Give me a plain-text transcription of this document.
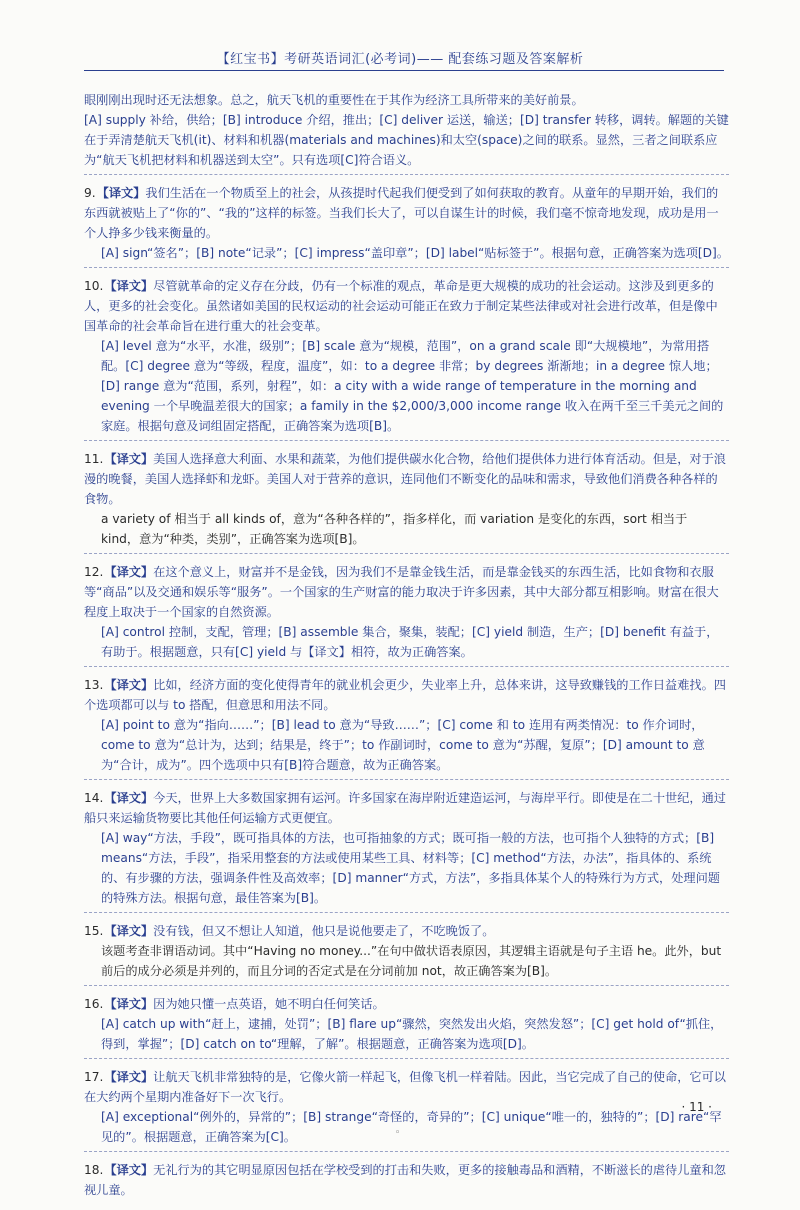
【红宝书】考研英语词汇(必考词)—— 配套练习题及答案解析
眼刚刚出现时还无法想象。总之，航天飞机的重要性在于其作为经济工具所带来的美好前景。
[A] supply 补给，供给；[B] introduce 介绍，推出；[C] deliver 运送，输送；[D] transfer 转移，调转。解题的关键在于弄清楚航天飞机(it)、材料和机器(materials and machines)和太空(space)之间的联系。显然，三者之间联系应为“航天飞机把材料和机器送到太空”。只有选项[C]符合语义。
9.【译文】我们生活在一个物质至上的社会，从孩提时代起我们便受到了如何获取的教育。从童年的早期开始，我们的东西就被贴上了“你的”、“我的”这样的标签。当我们长大了，可以自谋生计的时候，我们毫不惊奇地发现，成功是用一个人挣多少钱来衡量的。
[A] sign“签名”；[B] note“记录”；[C] impress“盖印章”；[D] label“贴标签于”。根据句意，正确答案为选项[D]。
10.【译文】尽管就革命的定义存在分歧，仍有一个标准的观点，革命是更大规模的成功的社会运动。这涉及到更多的人，更多的社会变化。虽然诸如美国的民权运动的社会运动可能正在致力于制定某些法律或对社会进行改革，但是像中国革命的社会革命旨在进行重大的社会变革。
[A] level 意为“水平，水准，级别”；[B] scale 意为“规模，范围”，on a grand scale 即“大规模地”，为常用搭配。[C] degree 意为“等级，程度，温度”，如：to a degree 非常；by degrees 渐渐地；in a degree 惊人地；[D] range 意为“范围，系列，射程”，如：a city with a wide range of temperature in the morning and evening 一个早晚温差很大的国家；a family in the $2,000/3,000 income range 收入在两千至三千美元之间的家庭。根据句意及词组固定搭配，正确答案为选项[B]。
11.【译文】美国人选择意大利面、水果和蔬菜，为他们提供碳水化合物，给他们提供体力进行体育活动。但是，对于浪漫的晚餐，美国人选择虾和龙虾。美国人对于营养的意识，连同他们不断变化的品味和需求，导致他们消费各种各样的食物。
a variety of 相当于 all kinds of，意为“各种各样的”，指多样化，而 variation 是变化的东西，sort 相当于 kind，意为“种类，类别”，正确答案为选项[B]。
12.【译文】在这个意义上，财富并不是金钱，因为我们不是靠金钱生活，而是靠金钱买的东西生活，比如食物和衣服等“商品”以及交通和娱乐等“服务”。一个国家的生产财富的能力取决于许多因素，其中大部分都互相影响。财富在很大程度上取决于一个国家的自然资源。
[A] control 控制，支配，管理；[B] assemble 集合，聚集，装配；[C] yield 制造，生产；[D] benefit 有益于，有助于。根据题意，只有[C] yield 与【译文】相符，故为正确答案。
13.【译文】比如，经济方面的变化使得青年的就业机会更少，失业率上升，总体来讲，这导致赚钱的工作日益难找。四个选项都可以与 to 搭配，但意思和用法不同。
[A] point to 意为“指向……”；[B] lead to 意为“导致……”；[C] come 和 to 连用有两类情况：to 作介词时，come to 意为“总计为，达到；结果是，终于”；to 作副词时，come to 意为“苏醒，复原”；[D] amount to 意为“合计，成为”。四个选项中只有[B]符合题意，故为正确答案。
14.【译文】今天，世界上大多数国家拥有运河。许多国家在海岸附近建造运河，与海岸平行。即使是在二十世纪，通过船只来运输货物要比其他任何运输方式更便宜。
[A] way“方法，手段”，既可指具体的方法，也可指抽象的方式；既可指一般的方法，也可指个人独特的方式；[B] means“方法，手段”，指采用整套的方法或使用某些工具、材料等；[C] method“方法，办法”，指具体的、系统的、有步骤的方法，强调条件性及高效率；[D] manner“方式，方法”，多指具体某个人的特殊行为方式，处理问题的特殊方法。根据句意，最佳答案为[B]。
15.【译文】没有钱，但又不想让人知道，他只是说他要走了，不吃晚饭了。
该题考查非谓语动词。其中“Having no money...”在句中做状语表原因，其逻辑主语就是句子主语 he。此外，but 前后的成分必须是并列的，而且分词的否定式是在分词前加 not，故正确答案为[B]。
16.【译文】因为她只懂一点英语，她不明白任何笑话。
[A] catch up with“赶上，逮捕，处罚”；[B] flare up“骤然，突然发出火焰，突然发怒”；[C] get hold of“抓住，得到，掌握”；[D] catch on to“理解，了解”。根据题意，正确答案为选项[D]。
17.【译文】让航天飞机非常独特的是，它像火箭一样起飞，但像飞机一样着陆。因此，当它完成了自己的使命，它可以在大约两个星期内准备好下一次飞行。
[A] exceptional“例外的，异常的”；[B] strange“奇怪的，奇异的”；[C] unique“唯一的，独特的”；[D] rare“罕见的”。根据题意，正确答案为[C]。
18.【译文】无礼行为的其它明显原因包括在学校受到的打击和失败，更多的接触毒品和酒精，不断滋长的虐待儿童和忽视儿童。
· 11 ·
◦
